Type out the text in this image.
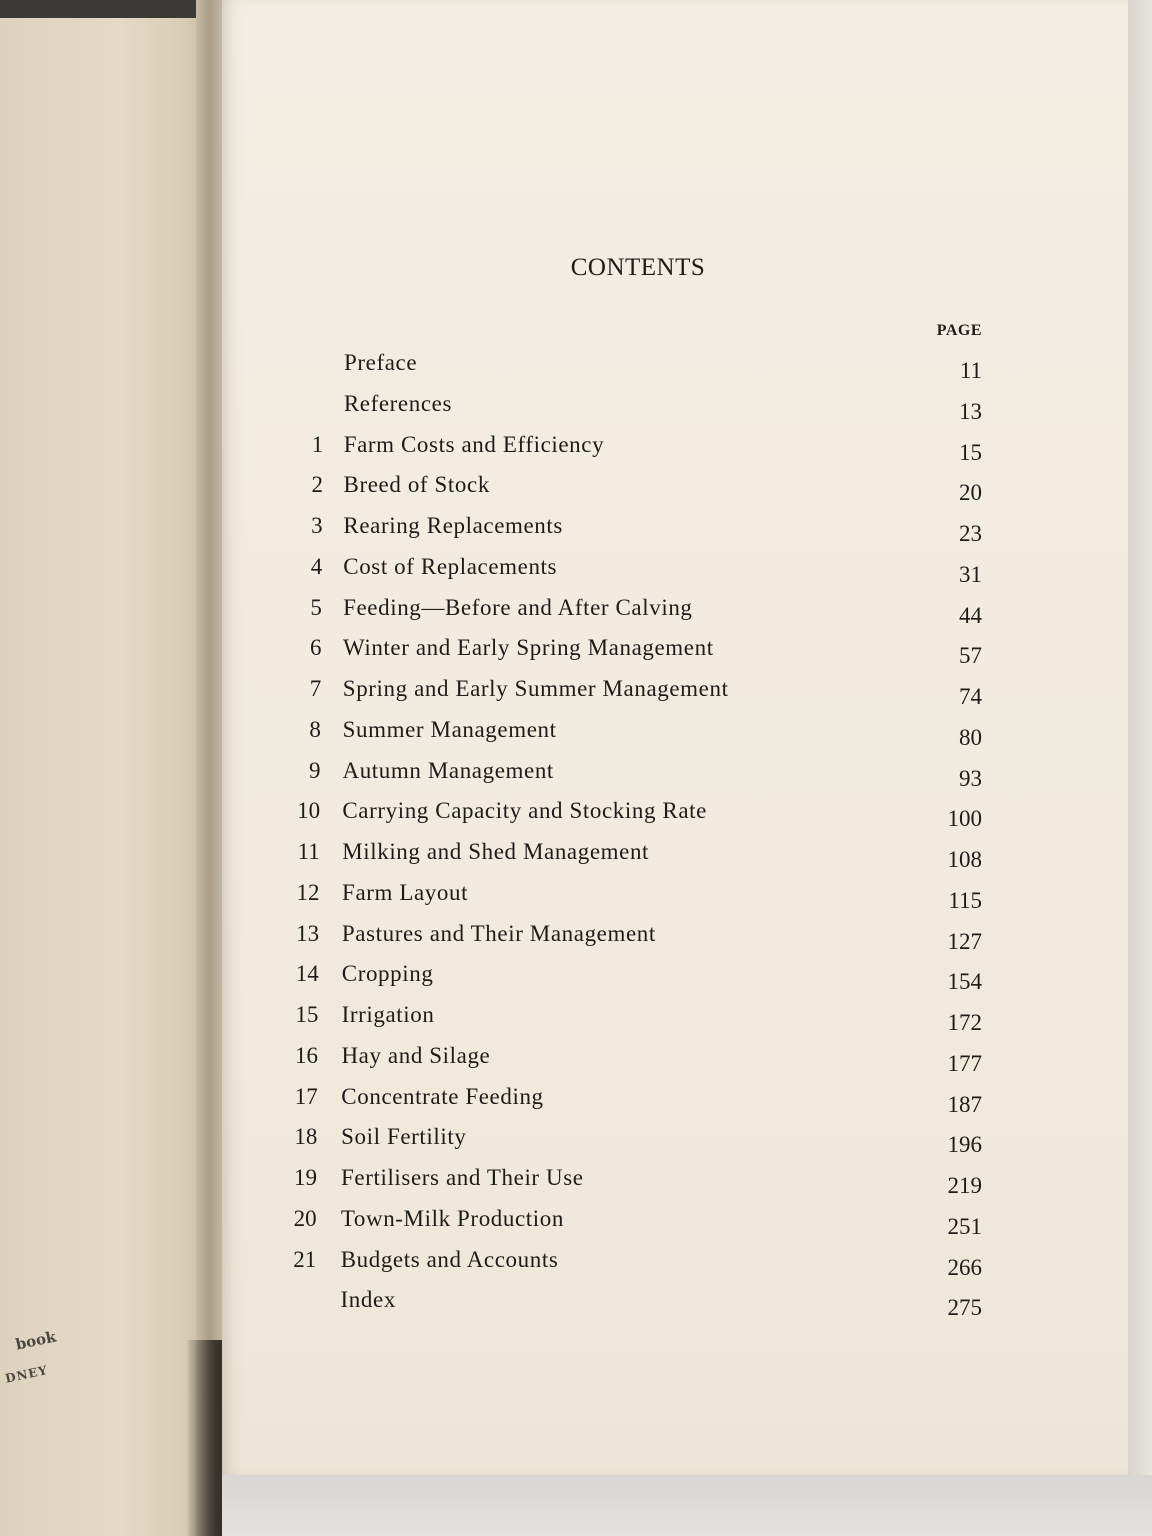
book
DNEY
CONTENTS
PAGE
Preface	11
References	13
1 Farm Costs and Efficiency	15
2 Breed of Stock	20
3 Rearing Replacements	23
4 Cost of Replacements	31
5 Feeding—Before and After Calving	44
6 Winter and Early Spring Management	57
7 Spring and Early Summer Management	74
8 Summer Management	80
9 Autumn Management	93
10 Carrying Capacity and Stocking Rate	100
11 Milking and Shed Management	108
12 Farm Layout	115
13 Pastures and Their Management	127
14 Cropping	154
15 Irrigation	172
16 Hay and Silage	177
17 Concentrate Feeding	187
18 Soil Fertility	196
19 Fertilisers and Their Use	219
20 Town-Milk Production	251
21 Budgets and Accounts	266
Index	275
